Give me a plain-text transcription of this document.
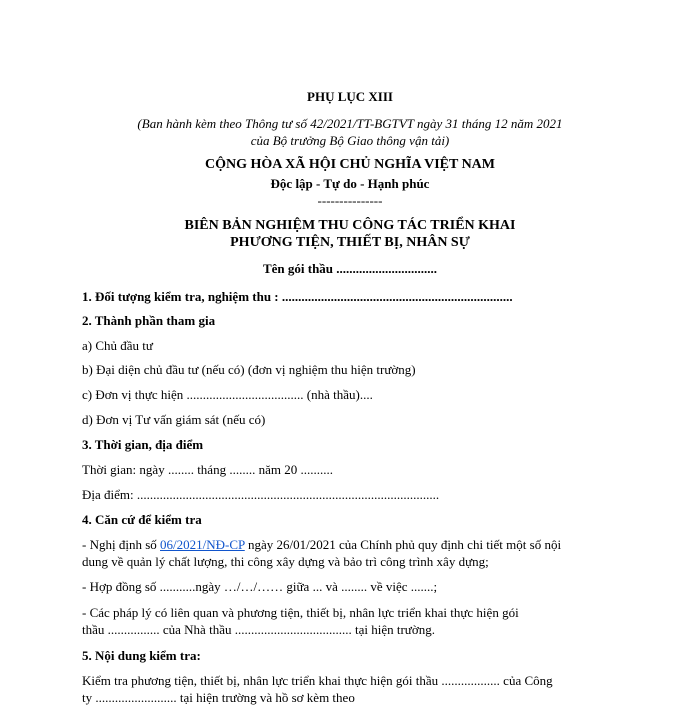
PHỤ LỤC XIII
(Ban hành kèm theo Thông tư số 42/2021/TT-BGTVT ngày 31 tháng 12 năm 2021
của Bộ trưởng Bộ Giao thông vận tải)
CỘNG HÒA XÃ HỘI CHỦ NGHĨA VIỆT NAM
Độc lập - Tự do - Hạnh phúc
---------------
BIÊN BẢN NGHIỆM THU CÔNG TÁC TRIỂN KHAI
PHƯƠNG TIỆN, THIẾT BỊ, NHÂN SỰ
Tên gói thầu ...............................
1. Đối tượng kiểm tra, nghiệm thu : .......................................................................
2. Thành phần tham gia
a) Chủ đầu tư
b) Đại diện chủ đầu tư (nếu có) (đơn vị nghiệm thu hiện trường)
c) Đơn vị thực hiện .................................... (nhà thầu)....
d) Đơn vị Tư vấn giám sát (nếu có)
3. Thời gian, địa điểm
Thời gian: ngày ........ tháng ........ năm 20 ..........
Địa điểm: .............................................................................................
4. Căn cứ để kiểm tra
- Nghị định số 06/2021/NĐ-CP ngày 26/01/2021 của Chính phủ quy định chi tiết một số nội
dung về quản lý chất lượng, thi công xây dựng và bảo trì công trình xây dựng;
- Hợp đồng số ...........ngày …/…/…… giữa ... và ........ về việc .......;
- Các pháp lý có liên quan và phương tiện, thiết bị, nhân lực triển khai thực hiện gói
thầu ................ của Nhà thầu .................................... tại hiện trường.
5. Nội dung kiểm tra:
Kiểm tra phương tiện, thiết bị, nhân lực triển khai thực hiện gói thầu .................. của Công
ty ......................... tại hiện trường và hồ sơ kèm theo
